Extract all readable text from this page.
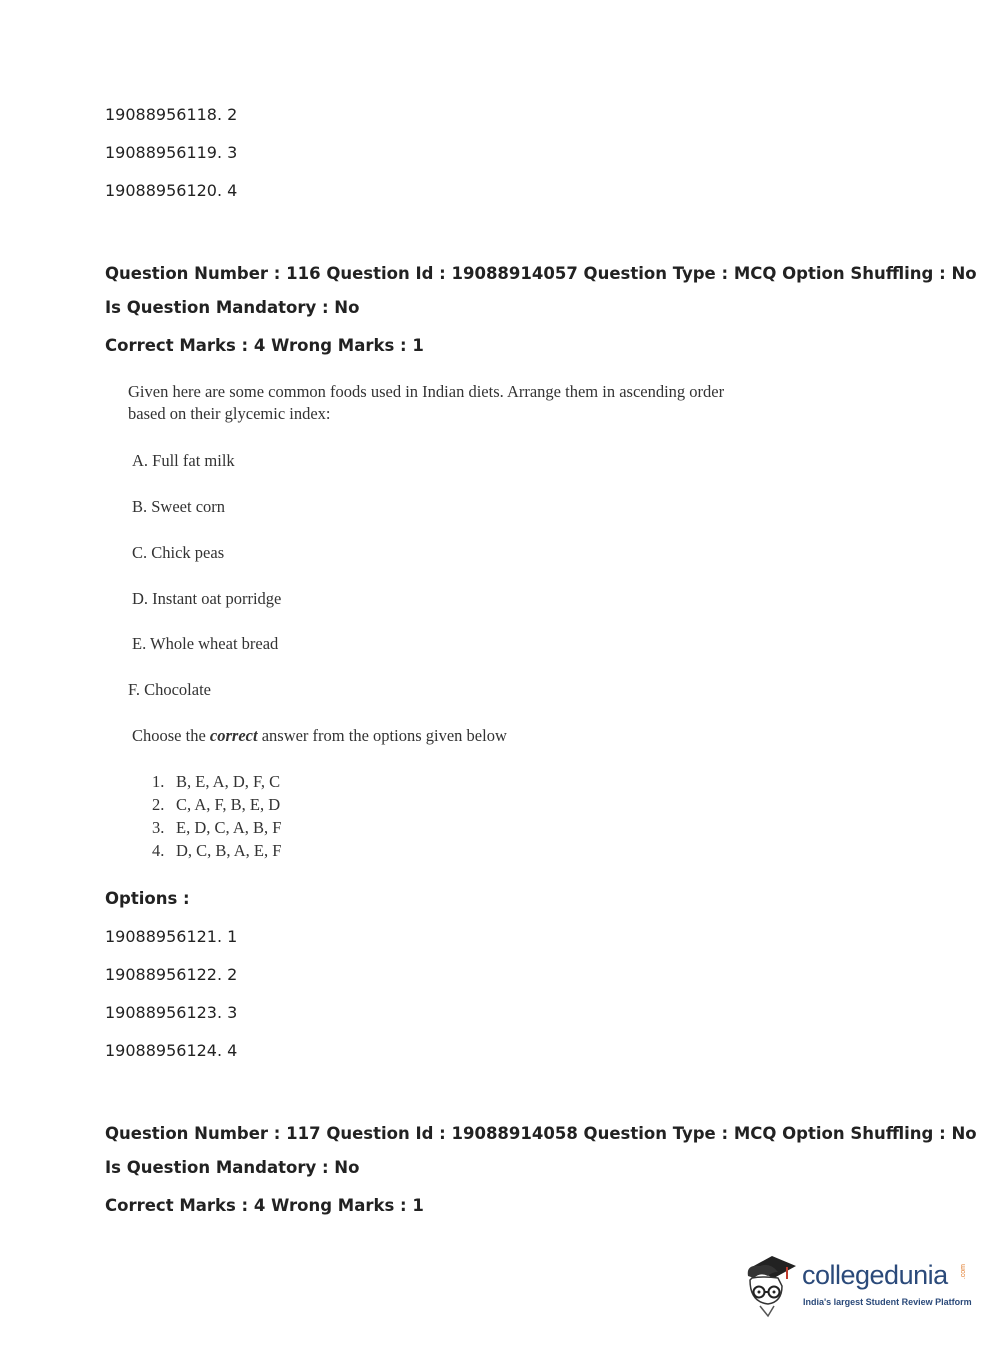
19088956118. 2
19088956119. 3
19088956120. 4
Question Number : 116 Question Id : 19088914057 Question Type : MCQ Option Shuffling : No
Is Question Mandatory : No
Correct Marks : 4 Wrong Marks : 1
Given here are some common foods used in Indian diets. Arrange them in ascending order
based on their glycemic index:
A. Full fat milk
B. Sweet corn
C. Chick peas
D. Instant oat porridge
E. Whole wheat bread
F. Chocolate
Choose the correct answer from the options given below
1. B, E, A, D, F, C
2. C, A, F, B, E, D
3. E, D, C, A, B, F
4. D, C, B, A, E, F
Options :
19088956121. 1
19088956122. 2
19088956123. 3
19088956124. 4
Question Number : 117 Question Id : 19088914058 Question Type : MCQ Option Shuffling : No
Is Question Mandatory : No
Correct Marks : 4 Wrong Marks : 1
collegedunia .com
India's largest Student Review Platform
